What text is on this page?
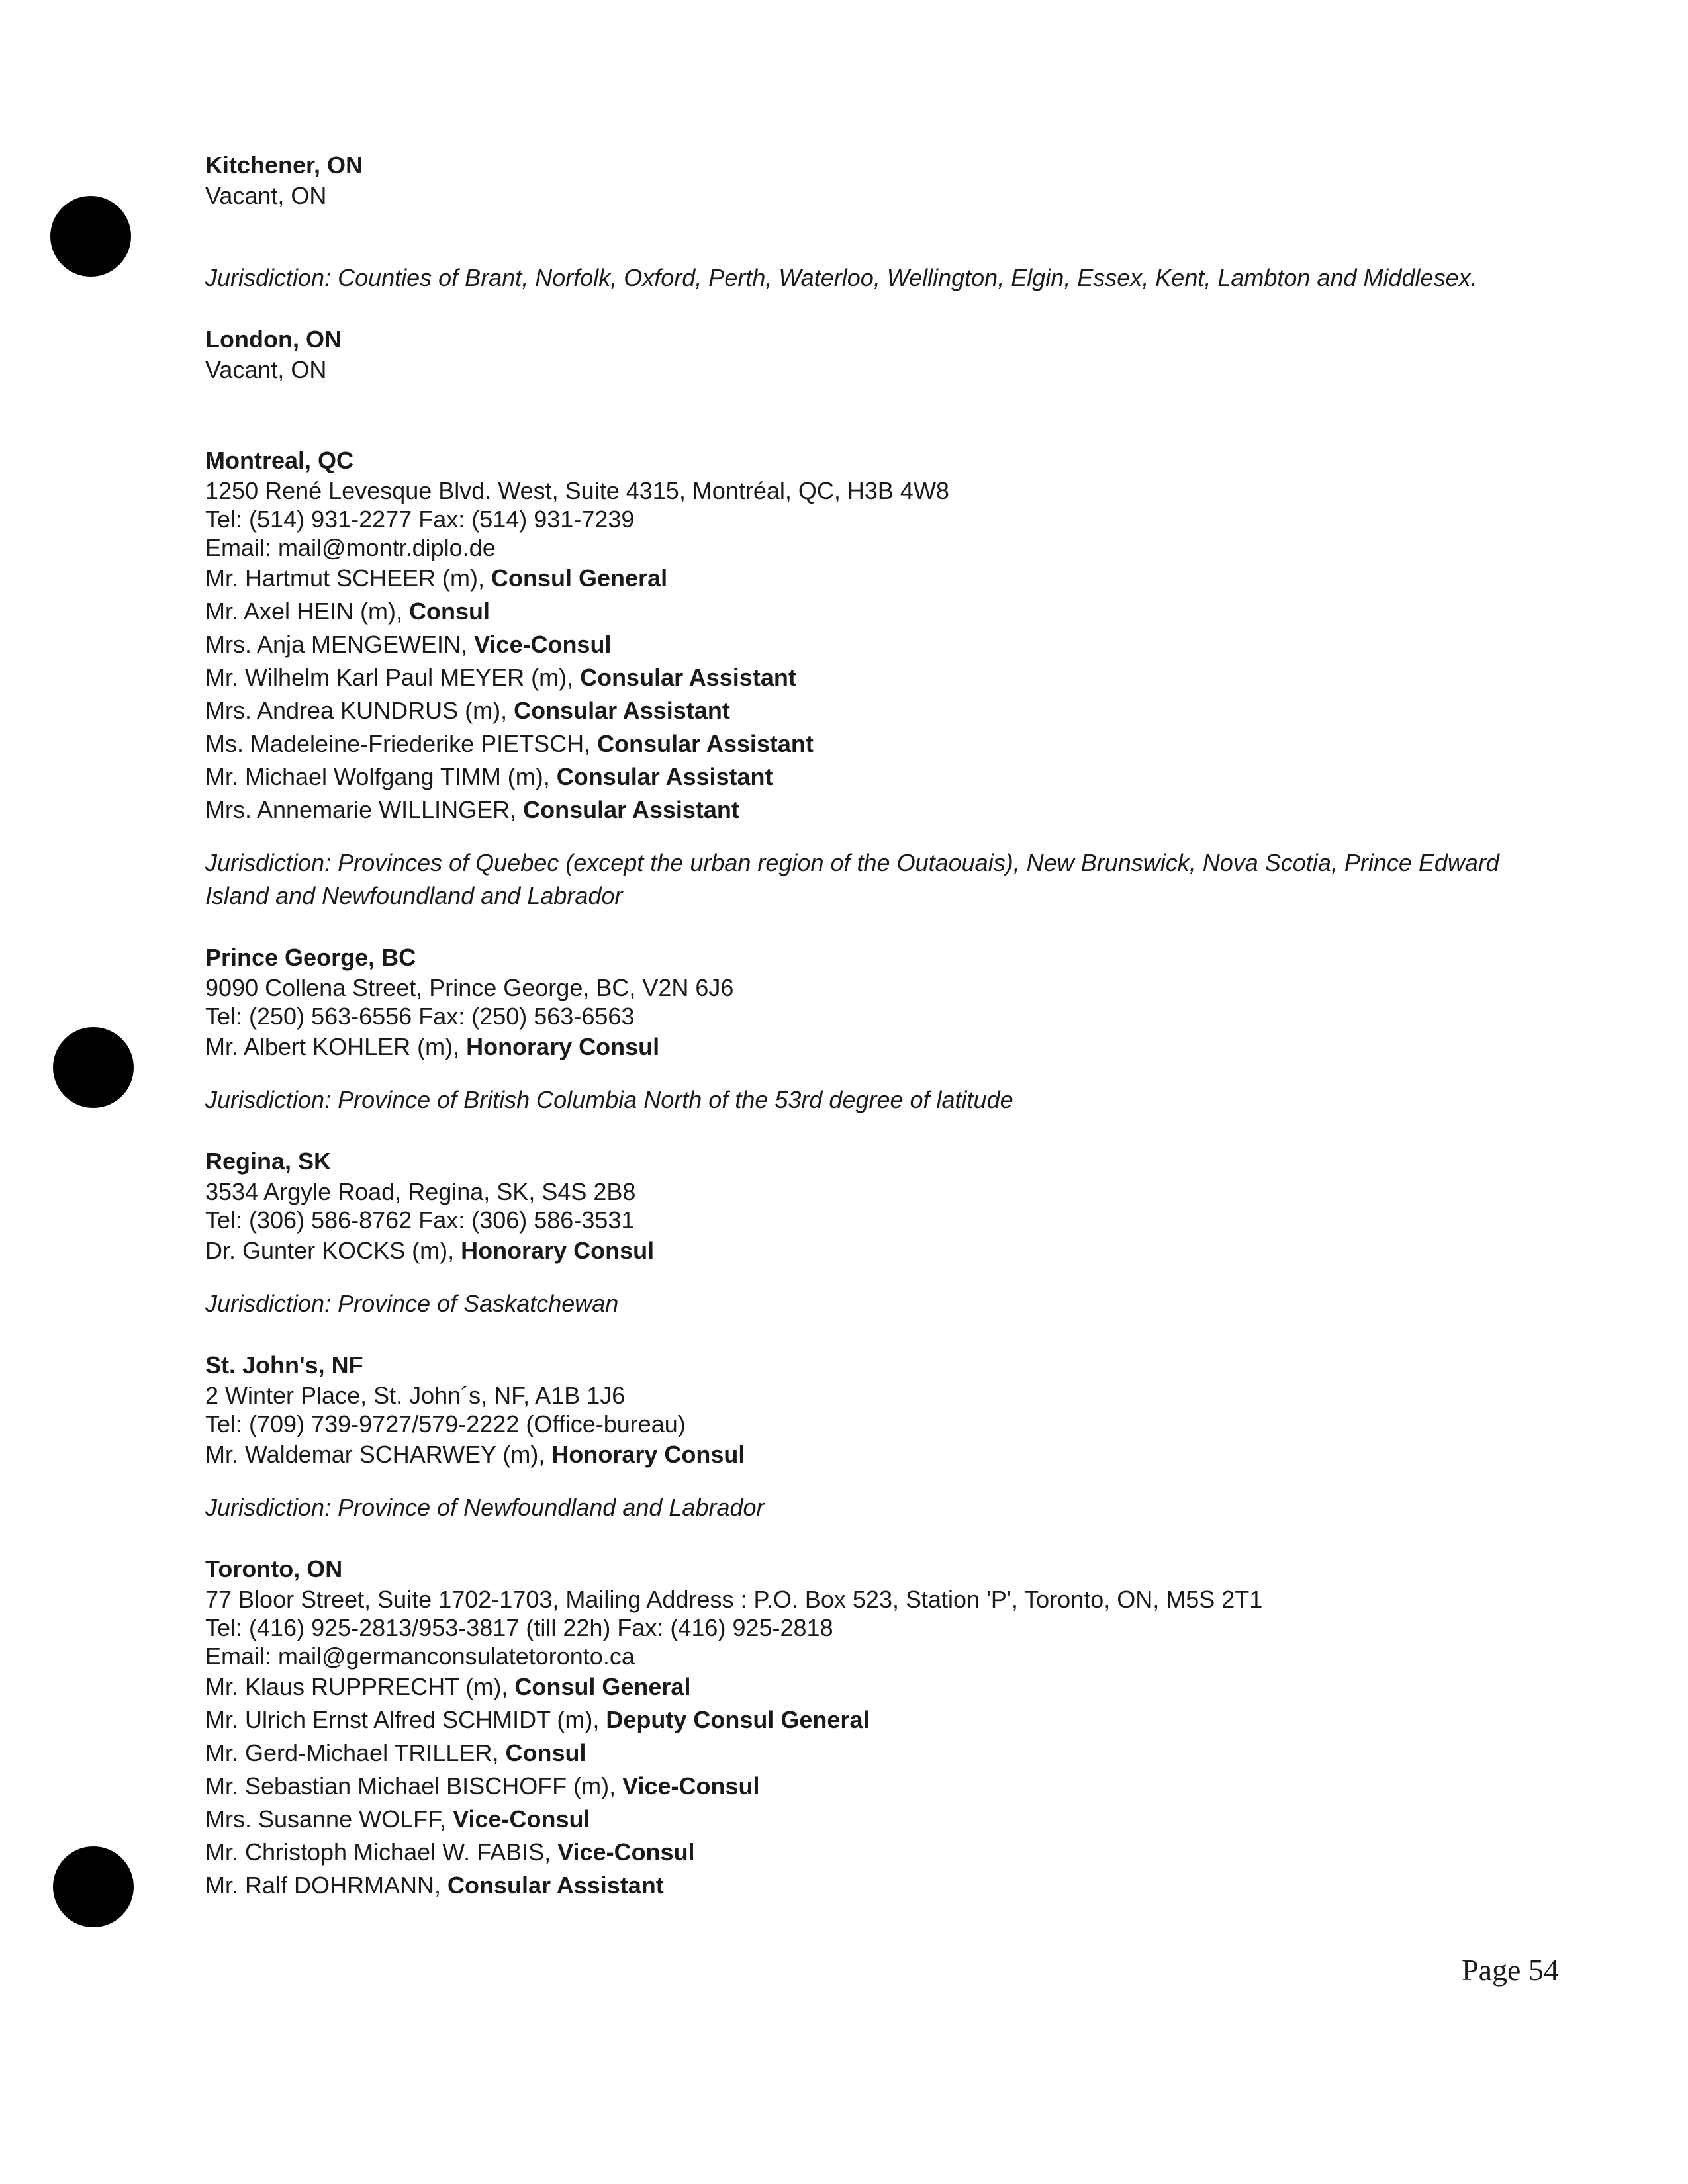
Kitchener, ON
Vacant, ON
Jurisdiction: Counties of Brant, Norfolk, Oxford, Perth, Waterloo, Wellington, Elgin, Essex, Kent, Lambton and Middlesex.
London, ON
Vacant, ON
Montreal, QC
1250 René Levesque Blvd. West, Suite 4315, Montréal, QC, H3B 4W8
Tel: (514) 931-2277 Fax: (514) 931-7239
Email: mail@montr.diplo.de
Mr. Hartmut SCHEER (m), Consul General
Mr. Axel HEIN (m), Consul
Mrs. Anja MENGEWEIN, Vice-Consul
Mr. Wilhelm Karl Paul MEYER (m), Consular Assistant
Mrs. Andrea KUNDRUS (m), Consular Assistant
Ms. Madeleine-Friederike PIETSCH, Consular Assistant
Mr. Michael Wolfgang TIMM (m), Consular Assistant
Mrs. Annemarie WILLINGER, Consular Assistant
Jurisdiction: Provinces of Quebec (except the urban region of the Outaouais), New Brunswick, Nova Scotia, Prince Edward Island and Newfoundland and Labrador
Prince George, BC
9090 Collena Street, Prince George, BC, V2N 6J6
Tel: (250) 563-6556 Fax: (250) 563-6563
Mr. Albert KOHLER (m), Honorary Consul
Jurisdiction: Province of British Columbia North of the 53rd degree of latitude
Regina, SK
3534 Argyle Road, Regina, SK, S4S 2B8
Tel: (306) 586-8762 Fax: (306) 586-3531
Dr. Gunter KOCKS (m), Honorary Consul
Jurisdiction: Province of Saskatchewan
St. John's, NF
2 Winter Place, St. John´s, NF, A1B 1J6
Tel: (709) 739-9727/579-2222 (Office-bureau)
Mr. Waldemar SCHARWEY (m), Honorary Consul
Jurisdiction: Province of Newfoundland and Labrador
Toronto, ON
77 Bloor Street, Suite 1702-1703, Mailing Address : P.O. Box 523, Station 'P', Toronto, ON, M5S 2T1
Tel: (416) 925-2813/953-3817 (till 22h) Fax: (416) 925-2818
Email: mail@germanconsulatetoronto.ca
Mr. Klaus RUPPRECHT (m), Consul General
Mr. Ulrich Ernst Alfred SCHMIDT (m), Deputy Consul General
Mr. Gerd-Michael TRILLER, Consul
Mr. Sebastian Michael BISCHOFF (m), Vice-Consul
Mrs. Susanne WOLFF, Vice-Consul
Mr. Christoph Michael W. FABIS, Vice-Consul
Mr. Ralf DOHRMANN, Consular Assistant
Page 54
